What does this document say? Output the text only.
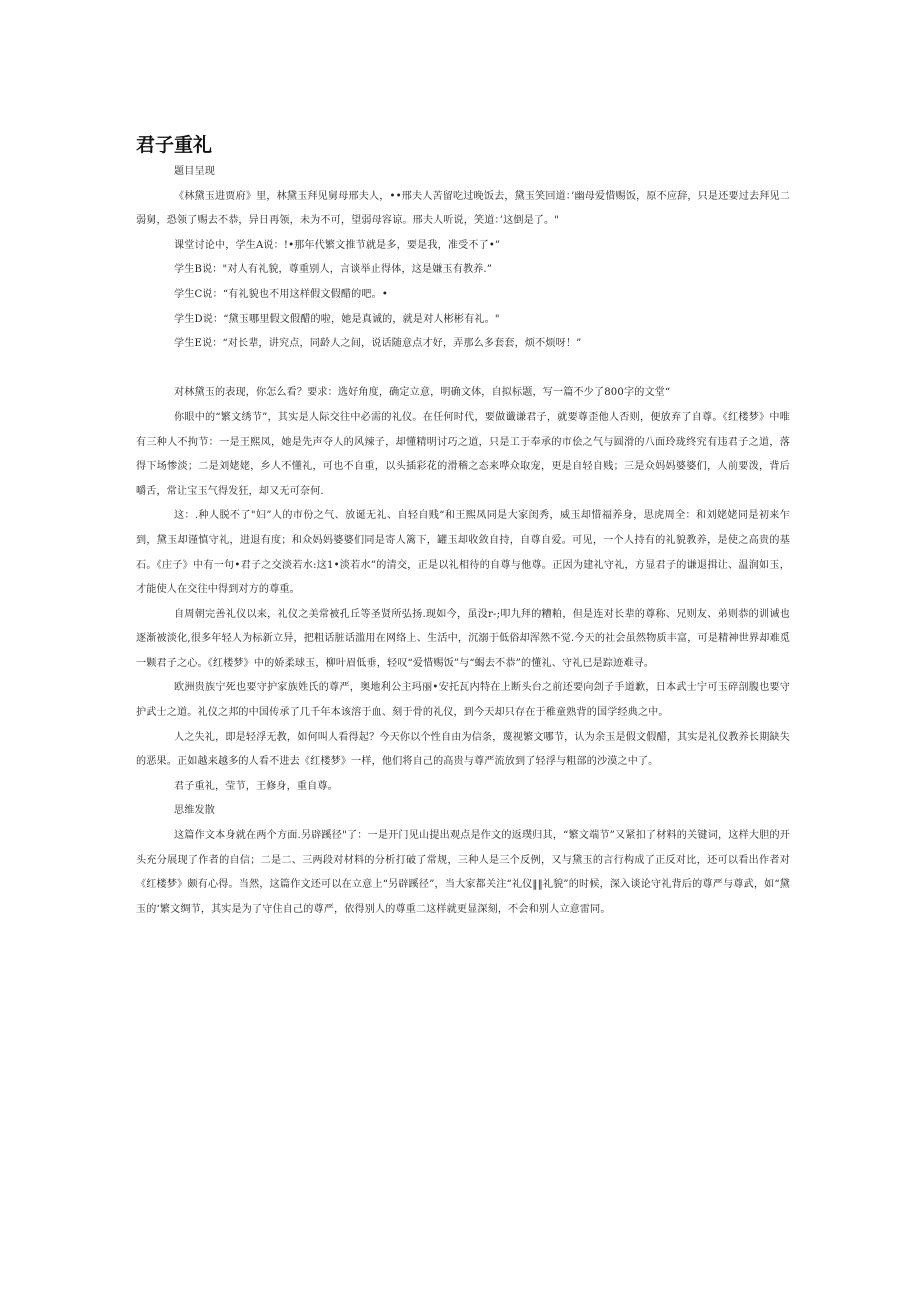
君子重礼

题目呈现

《林黛玉进贾府》里，林黛玉拜见舅母邢夫人，••邢夫人苦留吃过晚饭去，黛玉笑回道：’幽母爱惜赐饭，原不应辞，只是还要过去拜见二弱舅，恐领了赐去不恭，异日再领，未为不可，望弱母容谅。邢夫人听说，笑道：’这倒是了。"

课堂讨论中，学生A说：!•那年代繁文推节就是多，要是我，准受不了•”

学生B说："对人有礼貌，尊重别人，言谈举止得体，这是嫌玉有教养.”

学生C说：“有礼貌也不用这样假文假醋的吧。•

学生D说：“黛玉哪里假文假醋的啦，她是真诚的，就是对人彬彬有礼。"

学生E说：“对长辈，讲究点，同龄人之间，说话随意点才好，弄那么多套套，烦不烦呀！”

对林黛玉的表现，你怎么看？要求：选好角度，确定立意，明确文体，自拟标题，写一篇不少了800字的文堂“

你眼中的“繁文绣节”，其实是人际交往中必需的礼仪。在任何时代，要做谶谦君子，就要尊歪他人否则，便放弃了自尊。《红楼梦》中唯有三种人不拘节：一是王熙凤，她是先声夺人的风辣子，却懂精明讨巧之道，只是工于奉承的市侩之气与圆滑的八面玲珑终究有违君子之道，落得下场惨淡；二是刘姥姥，乡人不懂礼，可也不自重，以头插彩花的滑稽之态来哗众取宠，更是自轻自贱；三是众妈妈婆婆们，人前要泼，背后嚼舌，常让宝玉气得发狂，却又无可奈何.

这：.种人脱不了"妇”人的市份之气、放诞无礼、自轻自贱“和王熙凤同是大家闺秀，威玉却惜福养身，思虎周全：和刘姥姥同是初来乍到，黛玉却谨慎守礼，进退有度；和众妈妈婆婆们同是寄人篱下，罐玉却收敛自持，自尊自爱。可见，一个人持有的礼貌教养，是使之高贵的基石。《庄子》中有一句•君子之交淡若水:这1•淡若水”的清交，正是以礼相待的自尊与他尊。正因为建礼守礼，方显君子的谦退揖让、温润如玉，才能使人在交往中得到对方的尊重。

自周朝完善礼仪以来，礼仪之美常被孔丘等圣贤所弘扬.现如今，虽没r-;叩九拜的糟粕，但是连对长辈的尊称、兄则友、弟则恭的训诫也逐渐被淡化,很多年轻人为标新立异，把粗话脏话滥用在网络上、生活中，沉溺于低俗却浑然不觉.今天的社会虽然物质丰富，可是精神世界却难觅一颗君子之心。《红楼梦》中的娇柔球玉，柳叶眉低垂，轻叹“爱惜赐饭”与“蝎去不恭”的懂礼、守礼已是踪迹难寻。

欧洲贵族宁死也要守护家族姓氏的尊严，奥地利公主玛丽•安托瓦内特在上断头台之前还要向刽子手道歉，日本武士宁可玉碎剖腹也要守护武士之道。礼仪之邦的中国传承了几千年本该溶于血、刻于骨的礼仪，到今天却只存在于稚童熟背的国学经典之中。

人之失礼，即是轻浮无教，如何叫人看得起？今天你以个性自由为信条，蔑视繁文哪节，认为余玉是假文假醋，其实是礼仪教养长期缺失的恶果。正如越来越多的人看不进去《红楼梦》一样，他们将自己的高贵与尊严流放到了轻浮与粗部的沙漠之中了。

君子重礼，莹节，王修身，重自尊。

思维发散

这篇作文本身就在两个方面.另辟蹊径"了：一是开门见山提出观点是作文的返璞归其，“繁文端节”又紧扣了材料的关键词，这样大胆的开头充分展现了作者的自信；二是二、三两段对材料的分析打破了常规，三种人是三个反例，又与黛玉的言行构成了正反对比，还可以看出作者对《红楼梦》颇有心得。当然，这篇作文还可以在立意上“另辟蹊径”，当大家都关注“礼仪‖‖礼貌”的时候，深入谈论守礼背后的尊严与尊武，如“黛玉的‘繁文绸节，其实是为了守住自己的尊严，依得别人的尊重二这样就更显深刻，不会和别人立意雷同。
